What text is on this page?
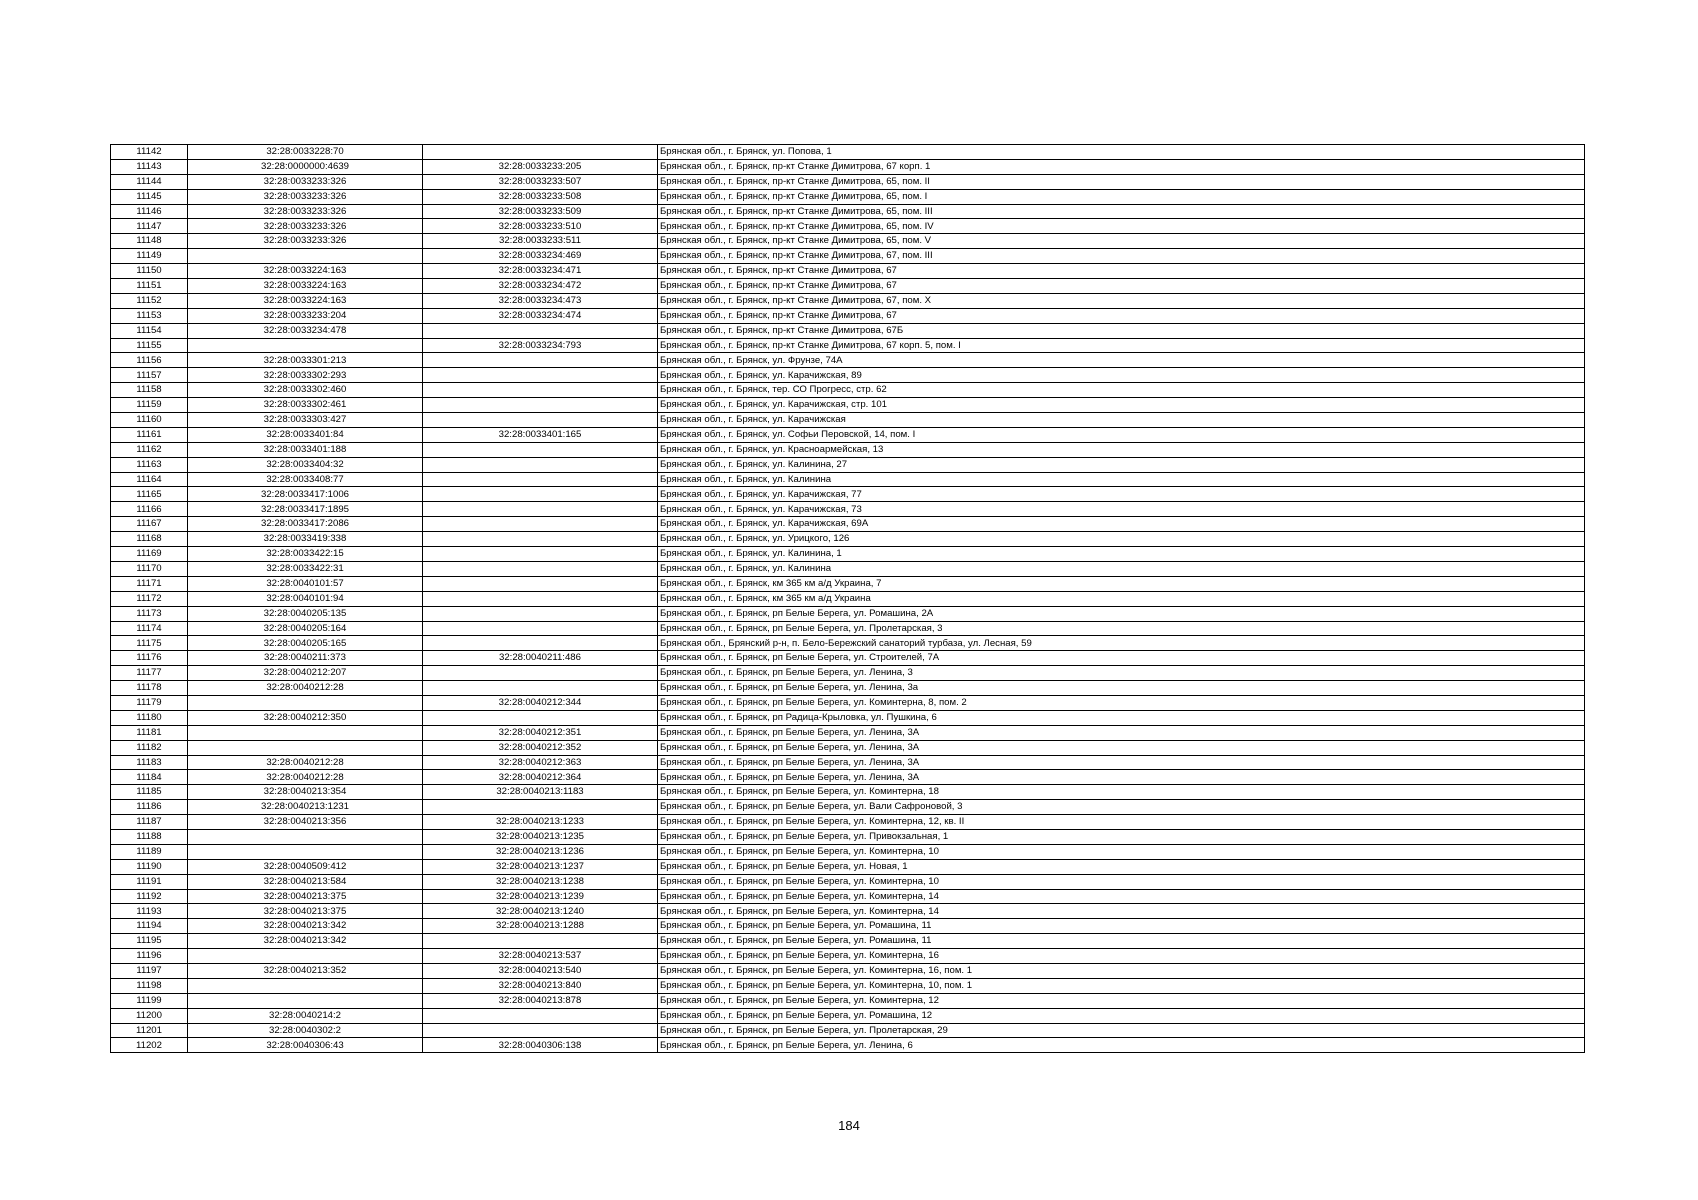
11142	32:28:0033228:70		Брянская обл., г. Брянск, ул. Попова, 1
11143	32:28:0000000:4639	32:28:0033233:205	Брянская обл., г. Брянск, пр-кт Станке Димитрова, 67 корп. 1
11144	32:28:0033233:326	32:28:0033233:507	Брянская обл., г. Брянск, пр-кт Станке Димитрова, 65, пом. II
11145	32:28:0033233:326	32:28:0033233:508	Брянская обл., г. Брянск, пр-кт Станке Димитрова, 65, пом. I
11146	32:28:0033233:326	32:28:0033233:509	Брянская обл., г. Брянск, пр-кт Станке Димитрова, 65, пом. III
11147	32:28:0033233:326	32:28:0033233:510	Брянская обл., г. Брянск, пр-кт Станке Димитрова, 65, пом. IV
11148	32:28:0033233:326	32:28:0033233:511	Брянская обл., г. Брянск, пр-кт Станке Димитрова, 65, пом. V
11149		32:28:0033234:469	Брянская обл., г. Брянск, пр-кт Станке Димитрова, 67, пом. III
11150	32:28:0033224:163	32:28:0033234:471	Брянская обл., г. Брянск, пр-кт Станке Димитрова, 67
11151	32:28:0033224:163	32:28:0033234:472	Брянская обл., г. Брянск, пр-кт Станке Димитрова, 67
11152	32:28:0033224:163	32:28:0033234:473	Брянская обл., г. Брянск, пр-кт Станке Димитрова, 67, пом. X
11153	32:28:0033233:204	32:28:0033234:474	Брянская обл., г. Брянск, пр-кт Станке Димитрова, 67
11154	32:28:0033234:478		Брянская обл., г. Брянск, пр-кт Станке Димитрова, 67Б
11155		32:28:0033234:793	Брянская обл., г. Брянск, пр-кт Станке Димитрова, 67 корп. 5, пом. I
11156	32:28:0033301:213		Брянская обл., г. Брянск, ул. Фрунзе, 74А
11157	32:28:0033302:293		Брянская обл., г. Брянск, ул. Карачижская, 89
11158	32:28:0033302:460		Брянская обл., г. Брянск, тер. СО Прогресс, стр. 62
11159	32:28:0033302:461		Брянская обл., г. Брянск, ул. Карачижская, стр. 101
11160	32:28:0033303:427		Брянская обл., г. Брянск, ул. Карачижская
11161	32:28:0033401:84	32:28:0033401:165	Брянская обл., г. Брянск, ул. Софьи Перовской, 14, пом. I
11162	32:28:0033401:188		Брянская обл., г. Брянск, ул. Красноармейская, 13
11163	32:28:0033404:32		Брянская обл., г. Брянск, ул. Калинина, 27
11164	32:28:0033408:77		Брянская обл., г. Брянск, ул. Калинина
11165	32:28:0033417:1006		Брянская обл., г. Брянск, ул. Карачижская, 77
11166	32:28:0033417:1895		Брянская обл., г. Брянск, ул. Карачижская, 73
11167	32:28:0033417:2086		Брянская обл., г. Брянск, ул. Карачижская, 69А
11168	32:28:0033419:338		Брянская обл., г. Брянск, ул. Урицкого, 126
11169	32:28:0033422:15		Брянская обл., г. Брянск, ул. Калинина, 1
11170	32:28:0033422:31		Брянская обл., г. Брянск, ул. Калинина
11171	32:28:0040101:57		Брянская обл., г. Брянск, км 365 км а/д Украина, 7
11172	32:28:0040101:94		Брянская обл., г. Брянск, км 365 км а/д Украина
11173	32:28:0040205:135		Брянская обл., г. Брянск, рп Белые Берега, ул. Ромашина, 2А
11174	32:28:0040205:164		Брянская обл., г. Брянск, рп Белые Берега, ул. Пролетарская, 3
11175	32:28:0040205:165		Брянская обл., Брянский р-н, п. Бело-Бережский санаторий турбаза, ул. Лесная, 59
11176	32:28:0040211:373	32:28:0040211:486	Брянская обл., г. Брянск, рп Белые Берега, ул. Строителей, 7А
11177	32:28:0040212:207		Брянская обл., г. Брянск, рп Белые Берега, ул. Ленина, 3
11178	32:28:0040212:28		Брянская обл., г. Брянск, рп Белые Берега, ул. Ленина, 3а
11179		32:28:0040212:344	Брянская обл., г. Брянск, рп Белые Берега, ул. Коминтерна, 8, пом. 2
11180	32:28:0040212:350		Брянская обл., г. Брянск, рп Радица-Крыловка, ул. Пушкина, 6
11181		32:28:0040212:351	Брянская обл., г. Брянск, рп Белые Берега, ул. Ленина, 3А
11182		32:28:0040212:352	Брянская обл., г. Брянск, рп Белые Берега, ул. Ленина, 3А
11183	32:28:0040212:28	32:28:0040212:363	Брянская обл., г. Брянск, рп Белые Берега, ул. Ленина, 3А
11184	32:28:0040212:28	32:28:0040212:364	Брянская обл., г. Брянск, рп Белые Берега, ул. Ленина, 3А
11185	32:28:0040213:354	32:28:0040213:1183	Брянская обл., г. Брянск, рп Белые Берега, ул. Коминтерна, 18
11186	32:28:0040213:1231		Брянская обл., г. Брянск, рп Белые Берега, ул. Вали Сафроновой, 3
11187	32:28:0040213:356	32:28:0040213:1233	Брянская обл., г. Брянск, рп Белые Берега, ул. Коминтерна, 12, кв. II
11188		32:28:0040213:1235	Брянская обл., г. Брянск, рп Белые Берега, ул. Привокзальная, 1
11189		32:28:0040213:1236	Брянская обл., г. Брянск, рп Белые Берега, ул. Коминтерна, 10
11190	32:28:0040509:412	32:28:0040213:1237	Брянская обл., г. Брянск, рп Белые Берега, ул. Новая, 1
11191	32:28:0040213:584	32:28:0040213:1238	Брянская обл., г. Брянск, рп Белые Берега, ул. Коминтерна, 10
11192	32:28:0040213:375	32:28:0040213:1239	Брянская обл., г. Брянск, рп Белые Берега, ул. Коминтерна, 14
11193	32:28:0040213:375	32:28:0040213:1240	Брянская обл., г. Брянск, рп Белые Берега, ул. Коминтерна, 14
11194	32:28:0040213:342	32:28:0040213:1288	Брянская обл., г. Брянск, рп Белые Берега, ул. Ромашина, 11
11195	32:28:0040213:342		Брянская обл., г. Брянск, рп Белые Берега, ул. Ромашина, 11
11196		32:28:0040213:537	Брянская обл., г. Брянск, рп Белые Берега, ул. Коминтерна, 16
11197	32:28:0040213:352	32:28:0040213:540	Брянская обл., г. Брянск, рп Белые Берега, ул. Коминтерна, 16, пом. 1
11198		32:28:0040213:840	Брянская обл., г. Брянск, рп Белые Берега, ул. Коминтерна, 10, пом. 1
11199		32:28:0040213:878	Брянская обл., г. Брянск, рп Белые Берега, ул. Коминтерна, 12
11200	32:28:0040214:2		Брянская обл., г. Брянск, рп Белые Берега, ул. Ромашина, 12
11201	32:28:0040302:2		Брянская обл., г. Брянск, рп Белые Берега, ул. Пролетарская, 29
11202	32:28:0040306:43	32:28:0040306:138	Брянская обл., г. Брянск, рп Белые Берега, ул. Ленина, 6
184
